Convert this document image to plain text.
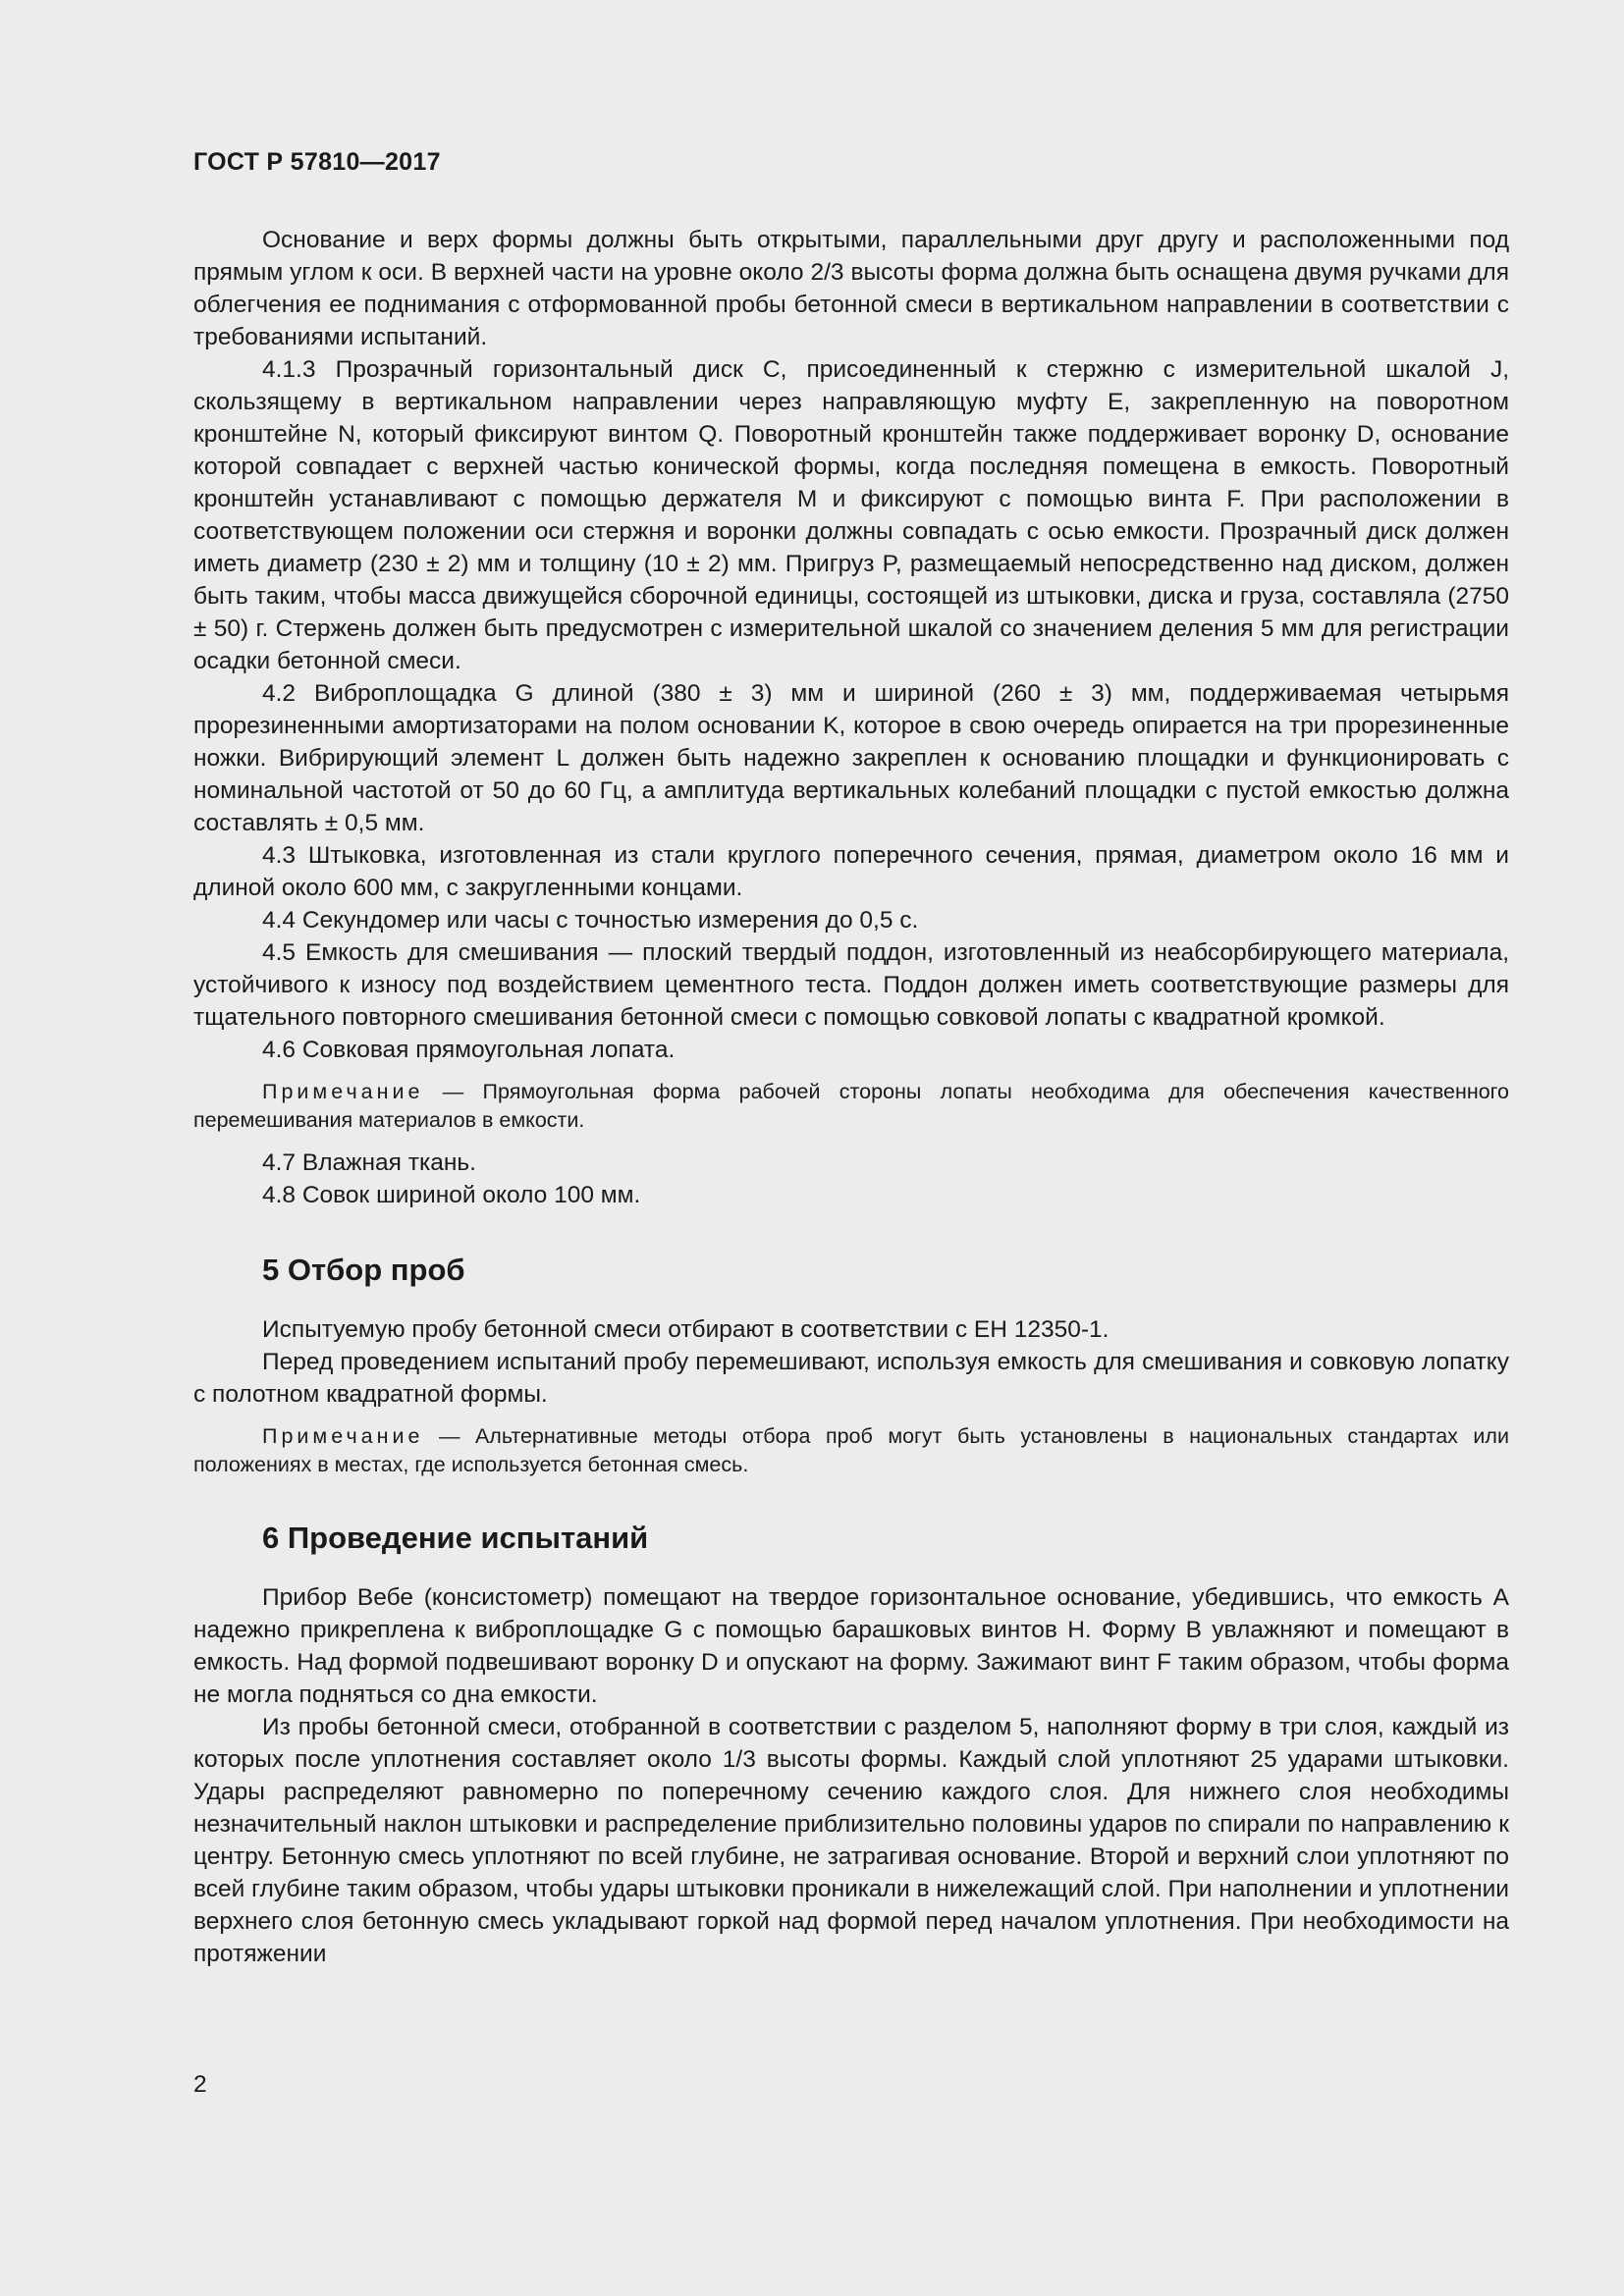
ГОСТ Р 57810—2017

Основание и верх формы должны быть открытыми, параллельными друг другу и расположенными под прямым углом к оси. В верхней части на уровне около 2/3 высоты форма должна быть оснащена двумя ручками для облегчения ее поднимания с отформованной пробы бетонной смеси в вертикальном направлении в соответствии с требованиями испытаний.

4.1.3 Прозрачный горизонтальный диск C, присоединенный к стержню с измерительной шкалой J, скользящему в вертикальном направлении через направляющую муфту E, закрепленную на поворотном кронштейне N, который фиксируют винтом Q. Поворотный кронштейн также поддерживает воронку D, основание которой совпадает с верхней частью конической формы, когда последняя помещена в емкость. Поворотный кронштейн устанавливают с помощью держателя M и фиксируют с помощью винта F. При расположении в соответствующем положении оси стержня и воронки должны совпадать с осью емкости. Прозрачный диск должен иметь диаметр (230 ± 2) мм и толщину (10 ± 2) мм. Пригруз P, размещаемый непосредственно над диском, должен быть таким, чтобы масса движущейся сборочной единицы, состоящей из штыковки, диска и груза, составляла (2750 ± 50) г. Стержень должен быть предусмотрен с измерительной шкалой со значением деления 5 мм для регистрации осадки бетонной смеси.

4.2 Виброплощадка G длиной (380 ± 3) мм и шириной (260 ± 3) мм, поддерживаемая четырьмя прорезиненными амортизаторами на полом основании K, которое в свою очередь опирается на три прорезиненные ножки. Вибрирующий элемент L должен быть надежно закреплен к основанию площадки и функционировать с номинальной частотой от 50 до 60 Гц, а амплитуда вертикальных колебаний площадки с пустой емкостью должна составлять ± 0,5 мм.

4.3 Штыковка, изготовленная из стали круглого поперечного сечения, прямая, диаметром около 16 мм и длиной около 600 мм, с закругленными концами.

4.4 Секундомер или часы с точностью измерения до 0,5 с.

4.5 Емкость для смешивания — плоский твердый поддон, изготовленный из неабсорбирующего материала, устойчивого к износу под воздействием цементного теста. Поддон должен иметь соответствующие размеры для тщательного повторного смешивания бетонной смеси с помощью совковой лопаты с квадратной кромкой.

4.6 Совковая прямоугольная лопата.

Примечание — Прямоугольная форма рабочей стороны лопаты необходима для обеспечения качественного перемешивания материалов в емкости.

4.7 Влажная ткань.

4.8 Совок шириной около 100 мм.

5 Отбор проб

Испытуемую пробу бетонной смеси отбирают в соответствии с ЕН 12350-1.

Перед проведением испытаний пробу перемешивают, используя емкость для смешивания и совковую лопатку с полотном квадратной формы.

Примечание — Альтернативные методы отбора проб могут быть установлены в национальных стандартах или положениях в местах, где используется бетонная смесь.

6 Проведение испытаний

Прибор Вебе (консистометр) помещают на твердое горизонтальное основание, убедившись, что емкость A надежно прикреплена к виброплощадке G с помощью барашковых винтов H. Форму B увлажняют и помещают в емкость. Над формой подвешивают воронку D и опускают на форму. Зажимают винт F таким образом, чтобы форма не могла подняться со дна емкости.

Из пробы бетонной смеси, отобранной в соответствии с разделом 5, наполняют форму в три слоя, каждый из которых после уплотнения составляет около 1/3 высоты формы. Каждый слой уплотняют 25 ударами штыковки. Удары распределяют равномерно по поперечному сечению каждого слоя. Для нижнего слоя необходимы незначительный наклон штыковки и распределение приблизительно половины ударов по спирали по направлению к центру. Бетонную смесь уплотняют по всей глубине, не затрагивая основание. Второй и верхний слои уплотняют по всей глубине таким образом, чтобы удары штыковки проникали в нижележащий слой. При наполнении и уплотнении верхнего слоя бетонную смесь укладывают горкой над формой перед началом уплотнения. При необходимости на протяжении

2
